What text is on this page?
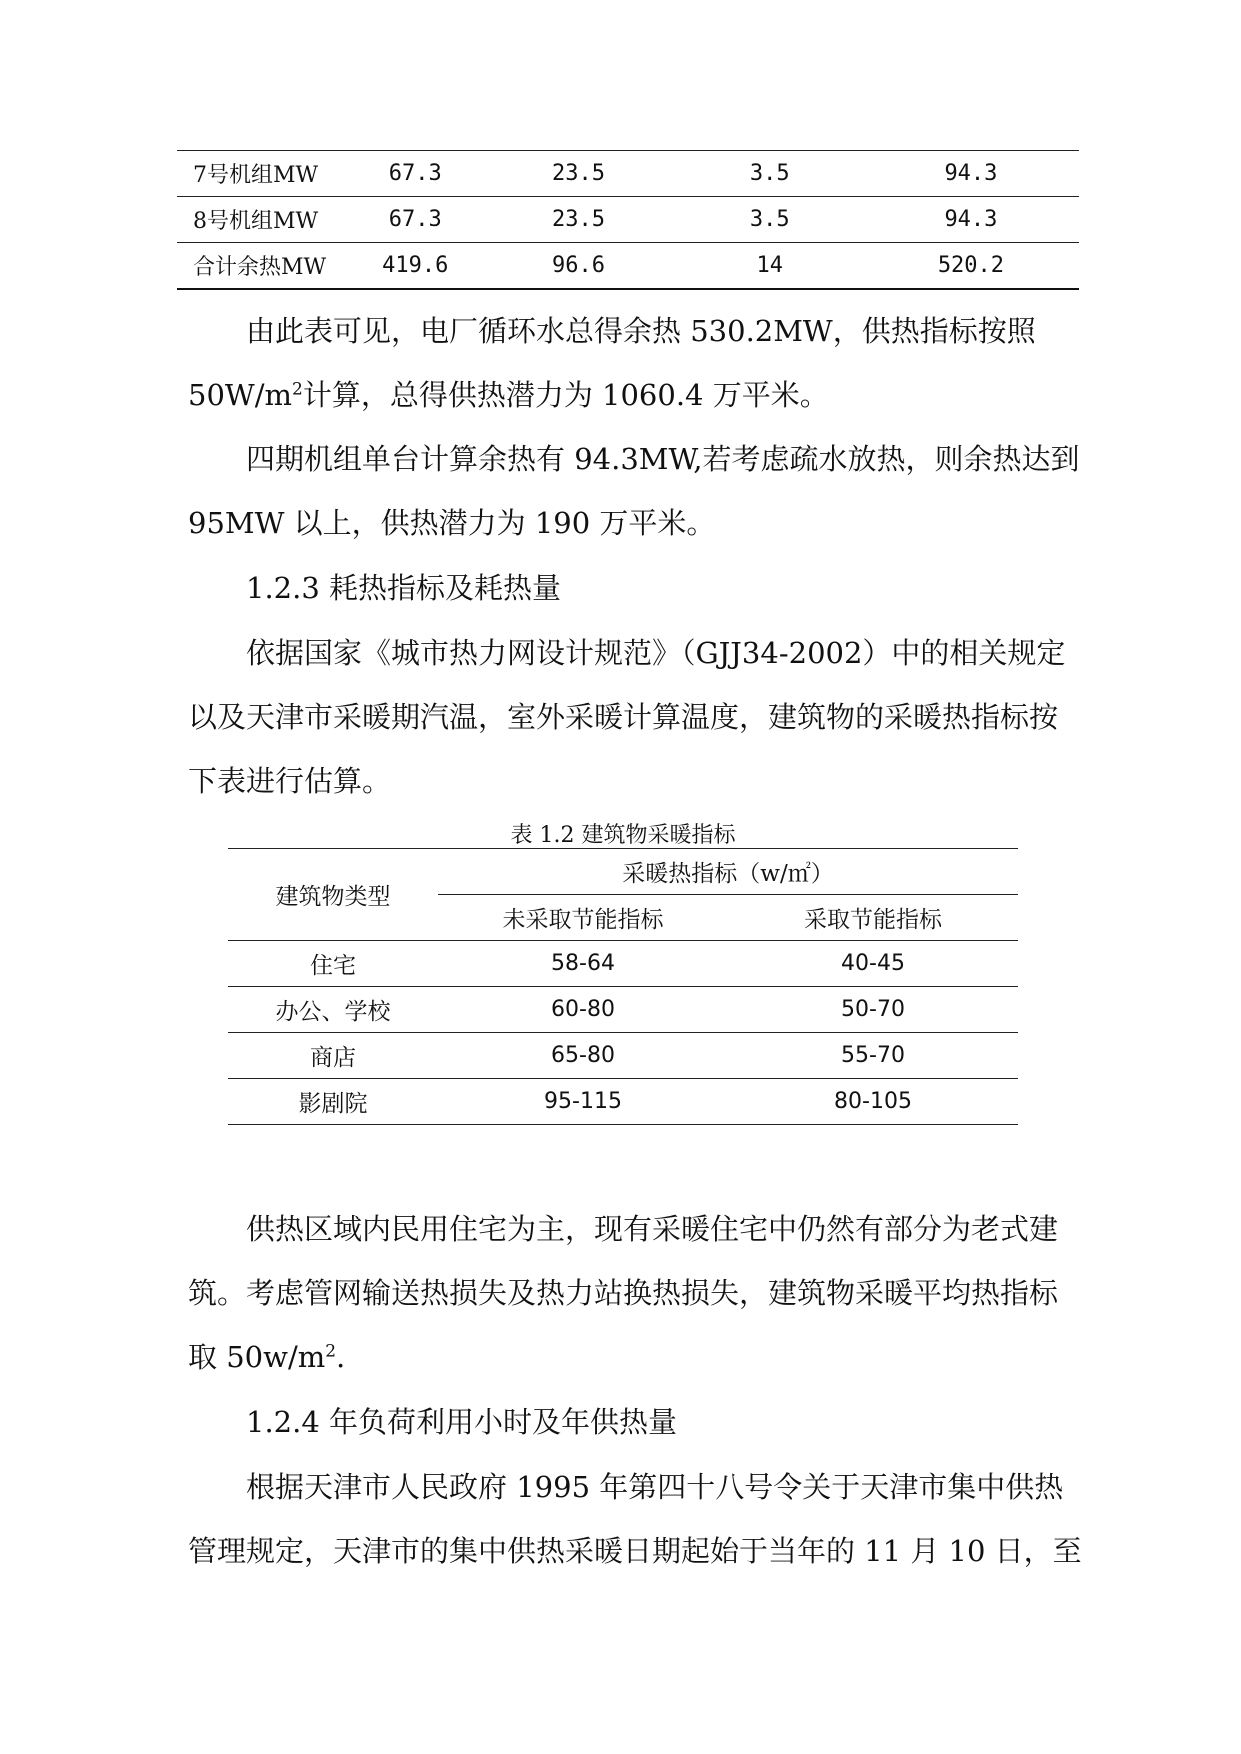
7号机组MW	67.3	23.5	3.5	94.3
8号机组MW	67.3	23.5	3.5	94.3
合计余热MW	419.6	96.6	14	520.2
由此表可见，电厂循环水总得余热 530.2MW，供热指标按照
$50W/m^2$计算，总得供热潜力为 1060.4 万平米。
四期机组单台计算余热有 94.3MW,若考虑疏水放热，则余热达到
95MW 以上，供热潜力为 190 万平米。
1.2.3 耗热指标及耗热量
依据国家《城市热力网设计规范》（GJJ34-2002）中的相关规定
以及天津市采暖期汽温，室外采暖计算温度，建筑物的采暖热指标按
下表进行估算。
表 1.2 建筑物采暖指标
建筑物类型	采暖热指标（w/㎡）	
	未采取节能指标	采取节能指标
住宅	58-64	40-45
办公、学校	60-80	50-70
商店	65-80	55-70
影剧院	95-115	80-105
供热区域内民用住宅为主，现有采暖住宅中仍然有部分为老式建
筑。考虑管网输送热损失及热力站换热损失，建筑物采暖平均热指标
取 $50w/m^2$.
1.2.4 年负荷利用小时及年供热量
根据天津市人民政府 1995 年第四十八号令关于天津市集中供热
管理规定，天津市的集中供热采暖日期起始于当年的 11 月 10 日，至
